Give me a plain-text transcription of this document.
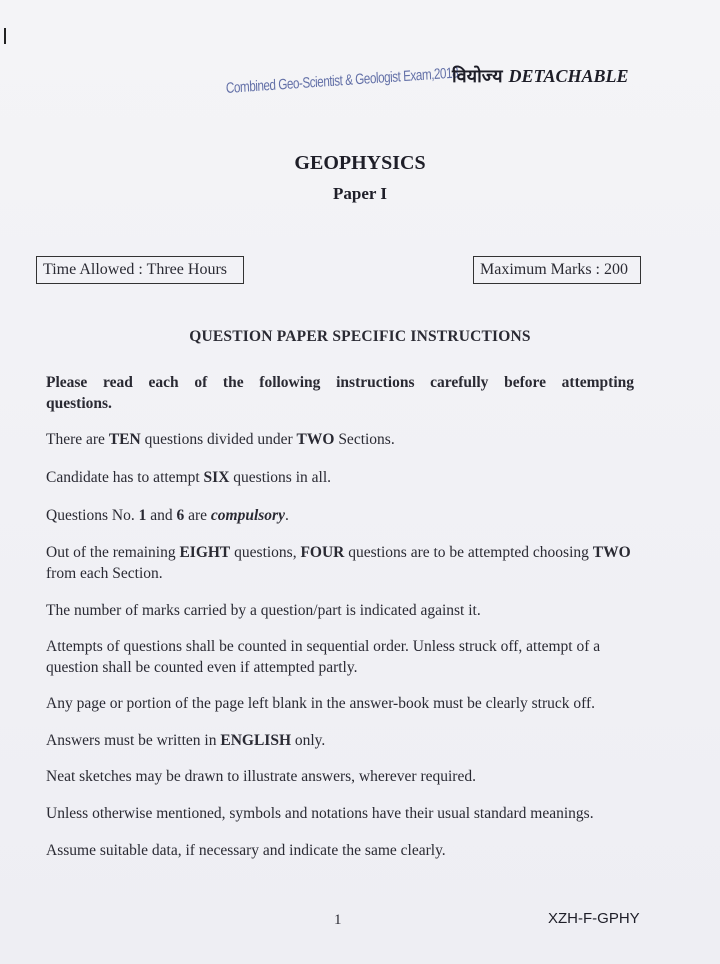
Combined Geo-Scientist & Geologist Exam,2018
वियोज्य DETACHABLE
GEOPHYSICS
Paper I
Time Allowed : Three Hours	Maximum Marks : 200
QUESTION PAPER SPECIFIC INSTRUCTIONS
Please read each of the following instructions carefully before attempting questions.
There are TEN questions divided under TWO Sections.
Candidate has to attempt SIX questions in all.
Questions No. 1 and 6 are compulsory.
Out of the remaining EIGHT questions, FOUR questions are to be attempted choosing TWO from each Section.
The number of marks carried by a question/part is indicated against it.
Attempts of questions shall be counted in sequential order. Unless struck off, attempt of a question shall be counted even if attempted partly.
Any page or portion of the page left blank in the answer-book must be clearly struck off.
Answers must be written in ENGLISH only.
Neat sketches may be drawn to illustrate answers, wherever required.
Unless otherwise mentioned, symbols and notations have their usual standard meanings.
Assume suitable data, if necessary and indicate the same clearly.
1	XZH-F-GPHY
